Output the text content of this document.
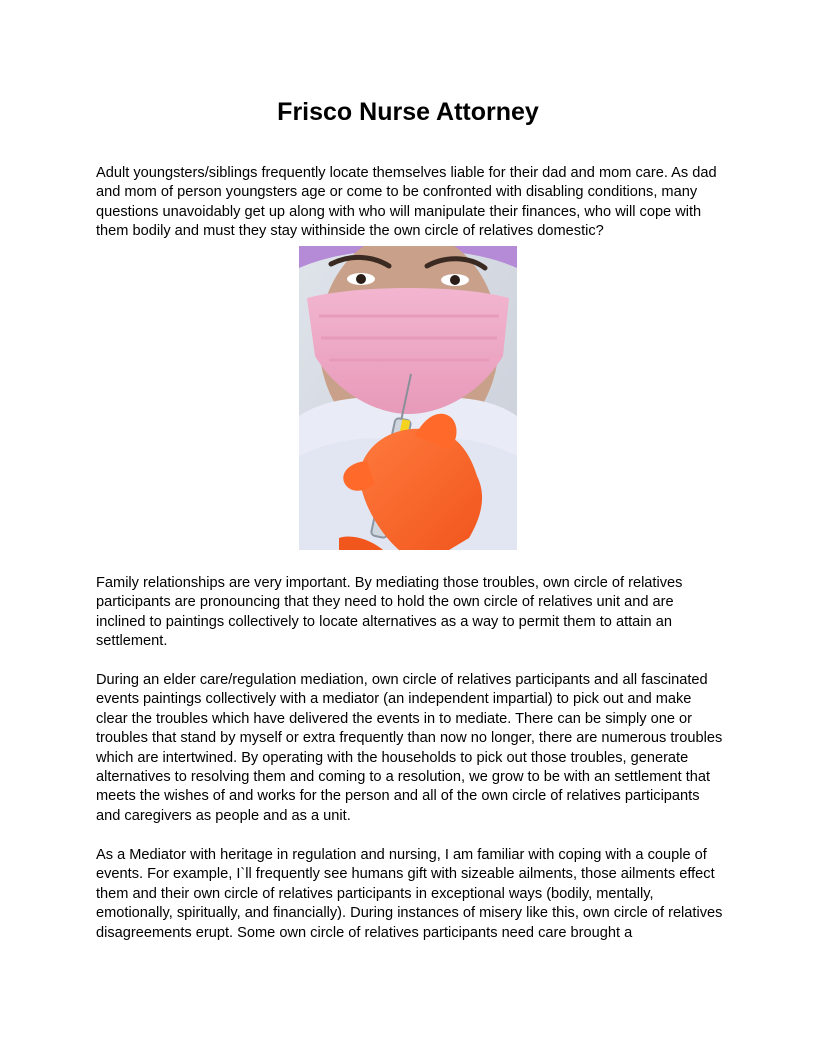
Frisco Nurse Attorney

Adult youngsters/siblings frequently locate themselves liable for their dad and mom care. As dad and mom of person youngsters age or come to be confronted with disabling conditions, many questions unavoidably get up along with who will manipulate their finances, who will cope with them bodily and must they stay withinside the own circle of relatives domestic?

Family relationships are very important. By mediating those troubles, own circle of relatives participants are pronouncing that they need to hold the own circle of relatives unit and are inclined to paintings collectively to locate alternatives as a way to permit them to attain an settlement.

During an elder care/regulation mediation, own circle of relatives participants and all fascinated events paintings collectively with a mediator (an independent impartial) to pick out and make clear the troubles which have delivered the events in to mediate. There can be simply one or troubles that stand by myself or extra frequently than now no longer, there are numerous troubles which are intertwined. By operating with the households to pick out those troubles, generate alternatives to resolving them and coming to a resolution, we grow to be with an settlement that meets the wishes of and works for the person and all of the own circle of relatives participants and caregivers as people and as a unit.

As a Mediator with heritage in regulation and nursing, I am familiar with coping with a couple of events. For example, I`ll frequently see humans gift with sizeable ailments, those ailments effect them and their own circle of relatives participants in exceptional ways (bodily, mentally, emotionally, spiritually, and financially). During instances of misery like this, own circle of relatives disagreements erupt. Some own circle of relatives participants need care brought a
